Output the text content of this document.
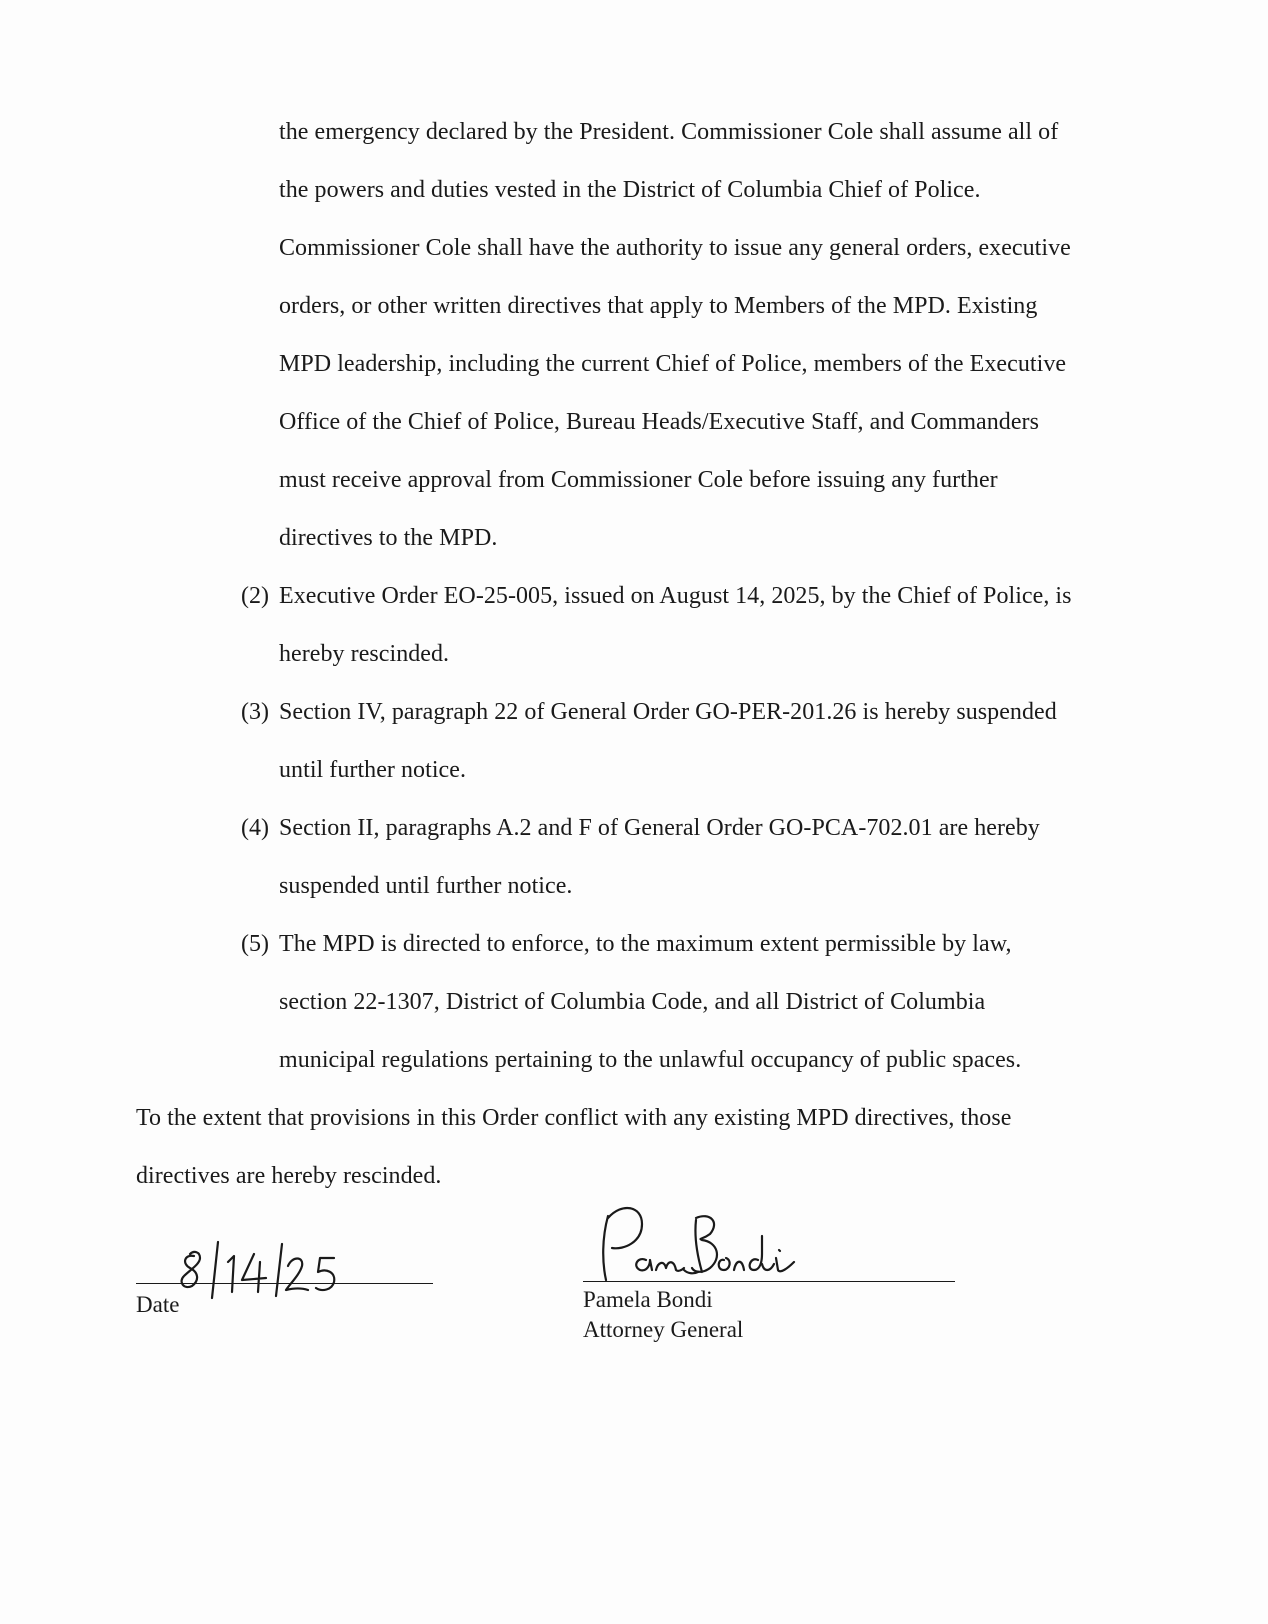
the emergency declared by the President. Commissioner Cole shall assume all of
the powers and duties vested in the District of Columbia Chief of Police.
Commissioner Cole shall have the authority to issue any general orders, executive
orders, or other written directives that apply to Members of the MPD. Existing
MPD leadership, including the current Chief of Police, members of the Executive
Office of the Chief of Police, Bureau Heads/Executive Staff, and Commanders
must receive approval from Commissioner Cole before issuing any further
directives to the MPD.
(2) Executive Order EO-25-005, issued on August 14, 2025, by the Chief of Police, is
hereby rescinded.
(3) Section IV, paragraph 22 of General Order GO-PER-201.26 is hereby suspended
until further notice.
(4) Section II, paragraphs A.2 and F of General Order GO-PCA-702.01 are hereby
suspended until further notice.
(5) The MPD is directed to enforce, to the maximum extent permissible by law,
section 22-1307, District of Columbia Code, and all District of Columbia
municipal regulations pertaining to the unlawful occupancy of public spaces.
To the extent that provisions in this Order conflict with any existing MPD directives, those
directives are hereby rescinded.
Date	Pamela Bondi
Attorney General
